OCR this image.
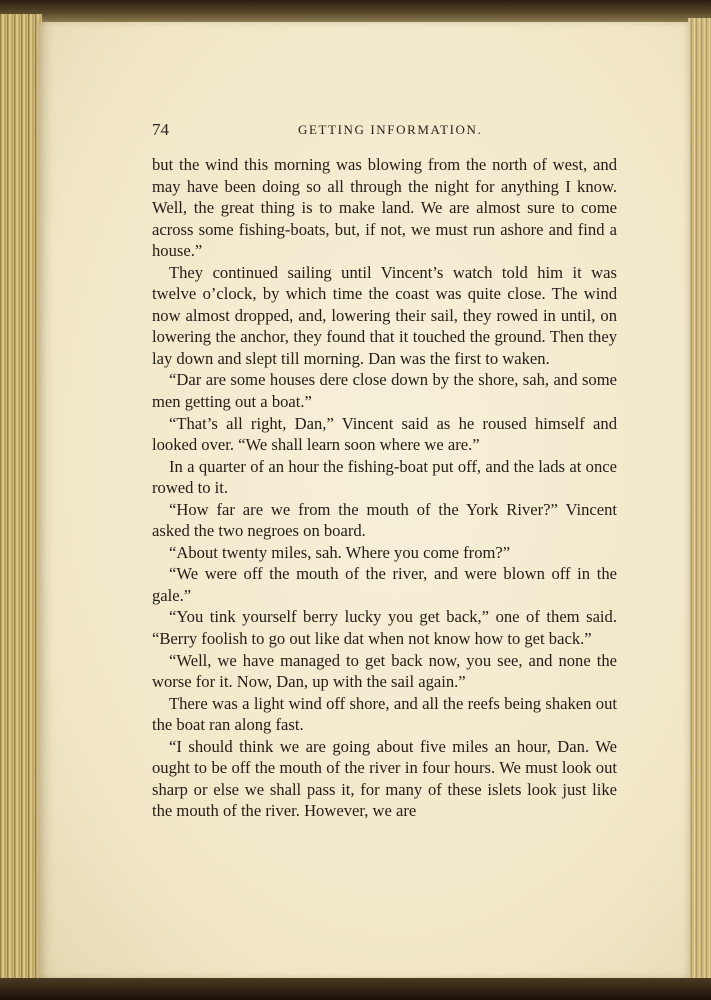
74	GETTING INFORMATION.

but the wind this morning was blowing from the north of west, and may have been doing so all through the night for anything I know. Well, the great thing is to make land. We are almost sure to come across some fishing-boats, but, if not, we must run ashore and find a house.”

They continued sailing until Vincent’s watch told him it was twelve o’clock, by which time the coast was quite close. The wind now almost dropped, and, lowering their sail, they rowed in until, on lowering the anchor, they found that it touched the ground. Then they lay down and slept till morning. Dan was the first to waken.

“Dar are some houses dere close down by the shore, sah, and some men getting out a boat.”

“That’s all right, Dan,” Vincent said as he roused himself and looked over. “We shall learn soon where we are.”

In a quarter of an hour the fishing-boat put off, and the lads at once rowed to it.

“How far are we from the mouth of the York River?” Vincent asked the two negroes on board.

“About twenty miles, sah. Where you come from?”

“We were off the mouth of the river, and were blown off in the gale.”

“You tink yourself berry lucky you get back,” one of them said. “Berry foolish to go out like dat when not know how to get back.”

“Well, we have managed to get back now, you see, and none the worse for it. Now, Dan, up with the sail again.”

There was a light wind off shore, and all the reefs being shaken out the boat ran along fast.

“I should think we are going about five miles an hour, Dan. We ought to be off the mouth of the river in four hours. We must look out sharp or else we shall pass it, for many of these islets look just like the mouth of the river. However, we are
